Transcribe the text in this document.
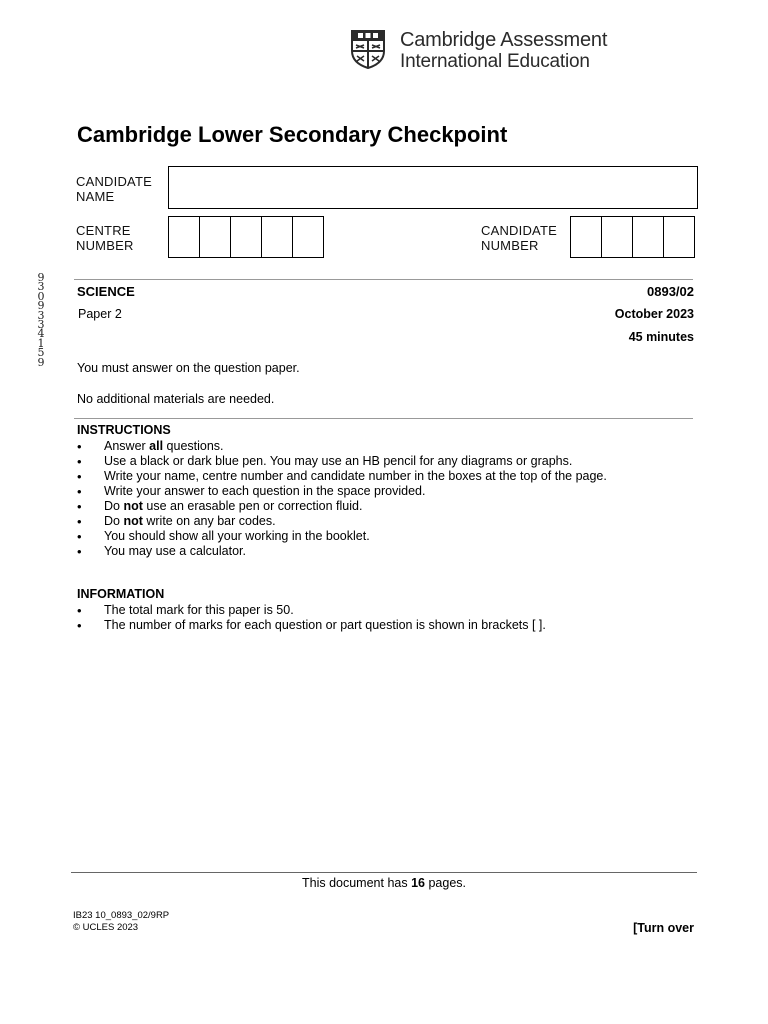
Cambridge Assessment
International Education
Cambridge Lower Secondary Checkpoint
CANDIDATE
NAME
CENTRE
NUMBER
CANDIDATE
NUMBER
9
3
0
9
3
3
4
1
5
9
SCIENCE	0893/02
Paper 2	October 2023
45 minutes
You must answer on the question paper.
No additional materials are needed.
INSTRUCTIONS
• Answer all questions.
• Use a black or dark blue pen. You may use an HB pencil for any diagrams or graphs.
• Write your name, centre number and candidate number in the boxes at the top of the page.
• Write your answer to each question in the space provided.
• Do not use an erasable pen or correction fluid.
• Do not write on any bar codes.
• You should show all your working in the booklet.
• You may use a calculator.
INFORMATION
• The total mark for this paper is 50.
• The number of marks for each question or part question is shown in brackets [ ].
This document has 16 pages.
IB23 10_0893_02/9RP
© UCLES 2023	[Turn over
